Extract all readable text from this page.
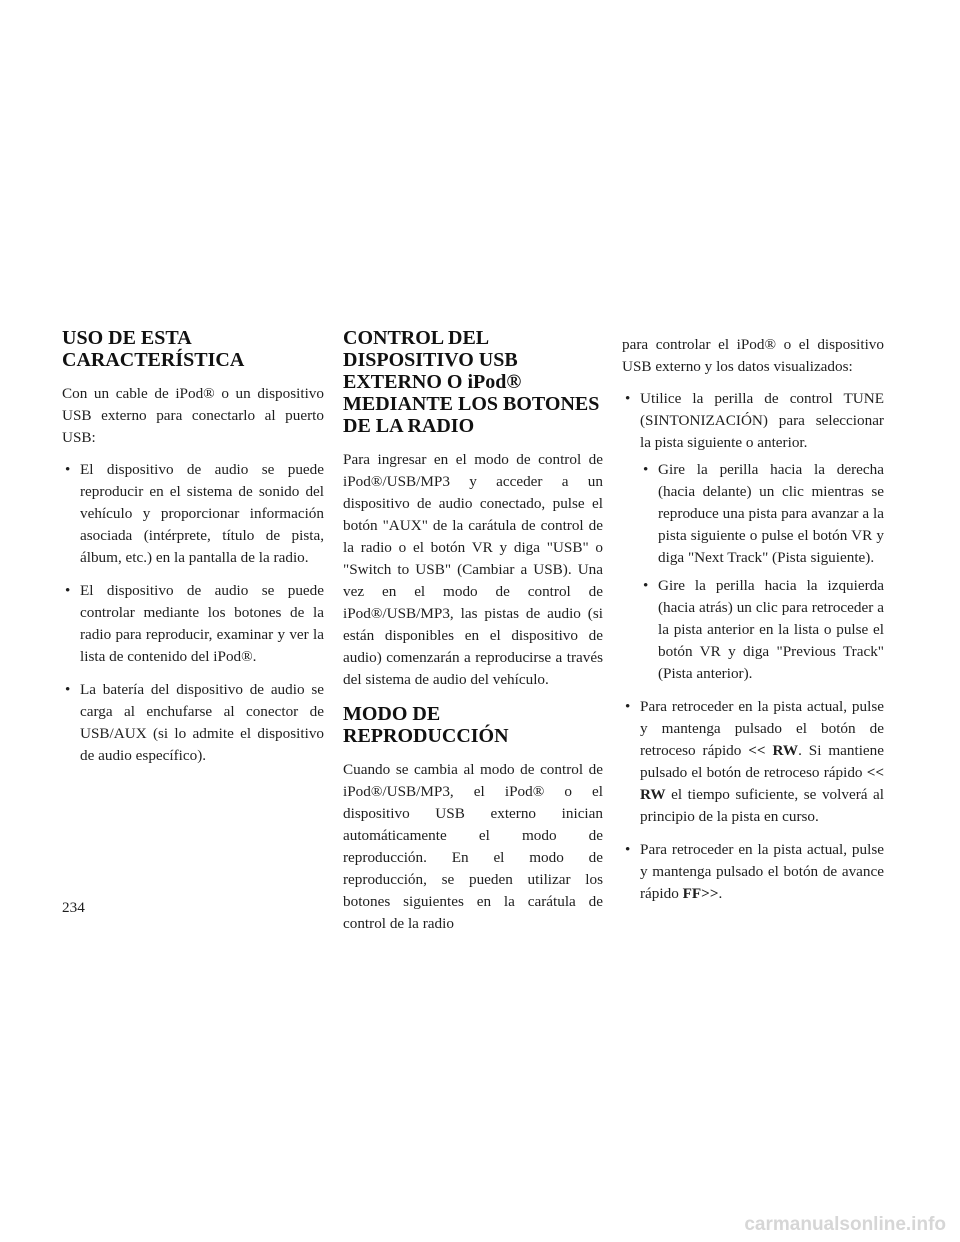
USO DE ESTA CARACTERÍSTICA

Con un cable de iPod® o un dispositivo USB externo para conectarlo al puerto USB:

• El dispositivo de audio se puede reproducir en el sistema de sonido del vehículo y proporcionar información asociada (intérprete, título de pista, álbum, etc.) en la pantalla de la radio.
• El dispositivo de audio se puede controlar mediante los botones de la radio para reproducir, examinar y ver la lista de contenido del iPod®.
• La batería del dispositivo de audio se carga al enchufarse al conector de USB/AUX (si lo admite el dispositivo de audio específico).
CONTROL DEL DISPOSITIVO USB EXTERNO O iPod® MEDIANTE LOS BOTONES DE LA RADIO

Para ingresar en el modo de control de iPod®/USB/MP3 y acceder a un dispositivo de audio conectado, pulse el botón "AUX" de la carátula de control de la radio o el botón VR y diga "USB" o "Switch to USB" (Cambiar a USB). Una vez en el modo de control de iPod®/USB/MP3, las pistas de audio (si están disponibles en el dispositivo de audio) comenzarán a reproducirse a través del sistema de audio del vehículo.

MODO DE REPRODUCCIÓN

Cuando se cambia al modo de control de iPod®/USB/MP3, el iPod® o el dispositivo USB externo inician automáticamente el modo de reproducción. En el modo de reproducción, se pueden utilizar los botones siguientes en la carátula de control de la radio

para controlar el iPod® o el dispositivo USB externo y los datos visualizados:

• Utilice la perilla de control TUNE (SINTONIZACIÓN) para seleccionar la pista siguiente o anterior.
• Gire la perilla hacia la derecha (hacia delante) un clic mientras se reproduce una pista para avanzar a la pista siguiente o pulse el botón VR y diga "Next Track" (Pista siguiente).
• Gire la perilla hacia la izquierda (hacia atrás) un clic para retroceder a la pista anterior en la lista o pulse el botón VR y diga "Previous Track" (Pista anterior).
• Para retroceder en la pista actual, pulse y mantenga pulsado el botón de retroceso rápido << RW. Si mantiene pulsado el botón de retroceso rápido << RW el tiempo suficiente, se volverá al principio de la pista en curso.
• Para retroceder en la pista actual, pulse y mantenga pulsado el botón de avance rápido FF>>.

234

carmanualsonline.info
